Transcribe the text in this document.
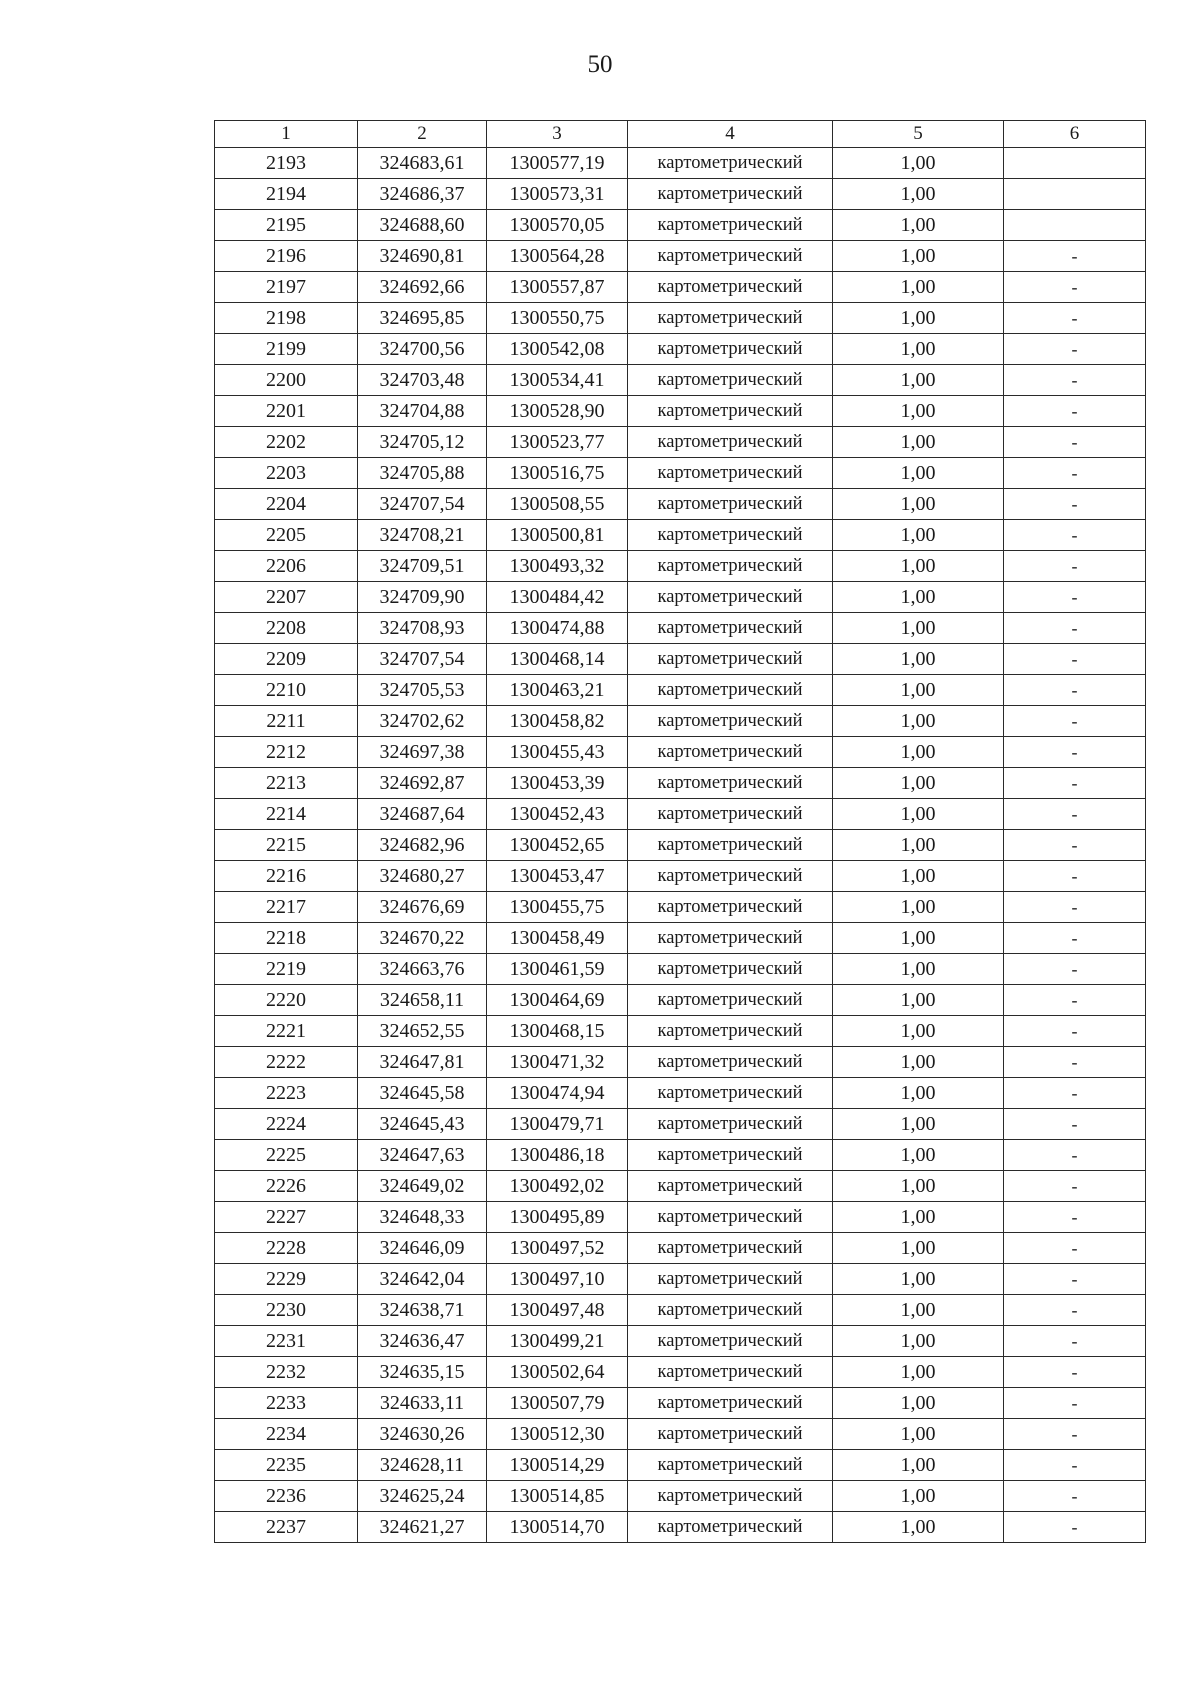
50
1	2	3	4	5	6
2193	324683,61	1300577,19	картометрический	1,00	
2194	324686,37	1300573,31	картометрический	1,00	
2195	324688,60	1300570,05	картометрический	1,00	
2196	324690,81	1300564,28	картометрический	1,00	-
2197	324692,66	1300557,87	картометрический	1,00	-
2198	324695,85	1300550,75	картометрический	1,00	-
2199	324700,56	1300542,08	картометрический	1,00	-
2200	324703,48	1300534,41	картометрический	1,00	-
2201	324704,88	1300528,90	картометрический	1,00	-
2202	324705,12	1300523,77	картометрический	1,00	-
2203	324705,88	1300516,75	картометрический	1,00	-
2204	324707,54	1300508,55	картометрический	1,00	-
2205	324708,21	1300500,81	картометрический	1,00	-
2206	324709,51	1300493,32	картометрический	1,00	-
2207	324709,90	1300484,42	картометрический	1,00	-
2208	324708,93	1300474,88	картометрический	1,00	-
2209	324707,54	1300468,14	картометрический	1,00	-
2210	324705,53	1300463,21	картометрический	1,00	-
2211	324702,62	1300458,82	картометрический	1,00	-
2212	324697,38	1300455,43	картометрический	1,00	-
2213	324692,87	1300453,39	картометрический	1,00	-
2214	324687,64	1300452,43	картометрический	1,00	-
2215	324682,96	1300452,65	картометрический	1,00	-
2216	324680,27	1300453,47	картометрический	1,00	-
2217	324676,69	1300455,75	картометрический	1,00	-
2218	324670,22	1300458,49	картометрический	1,00	-
2219	324663,76	1300461,59	картометрический	1,00	-
2220	324658,11	1300464,69	картометрический	1,00	-
2221	324652,55	1300468,15	картометрический	1,00	-
2222	324647,81	1300471,32	картометрический	1,00	-
2223	324645,58	1300474,94	картометрический	1,00	-
2224	324645,43	1300479,71	картометрический	1,00	-
2225	324647,63	1300486,18	картометрический	1,00	-
2226	324649,02	1300492,02	картометрический	1,00	-
2227	324648,33	1300495,89	картометрический	1,00	-
2228	324646,09	1300497,52	картометрический	1,00	-
2229	324642,04	1300497,10	картометрический	1,00	-
2230	324638,71	1300497,48	картометрический	1,00	-
2231	324636,47	1300499,21	картометрический	1,00	-
2232	324635,15	1300502,64	картометрический	1,00	-
2233	324633,11	1300507,79	картометрический	1,00	-
2234	324630,26	1300512,30	картометрический	1,00	-
2235	324628,11	1300514,29	картометрический	1,00	-
2236	324625,24	1300514,85	картометрический	1,00	-
2237	324621,27	1300514,70	картометрический	1,00	-
